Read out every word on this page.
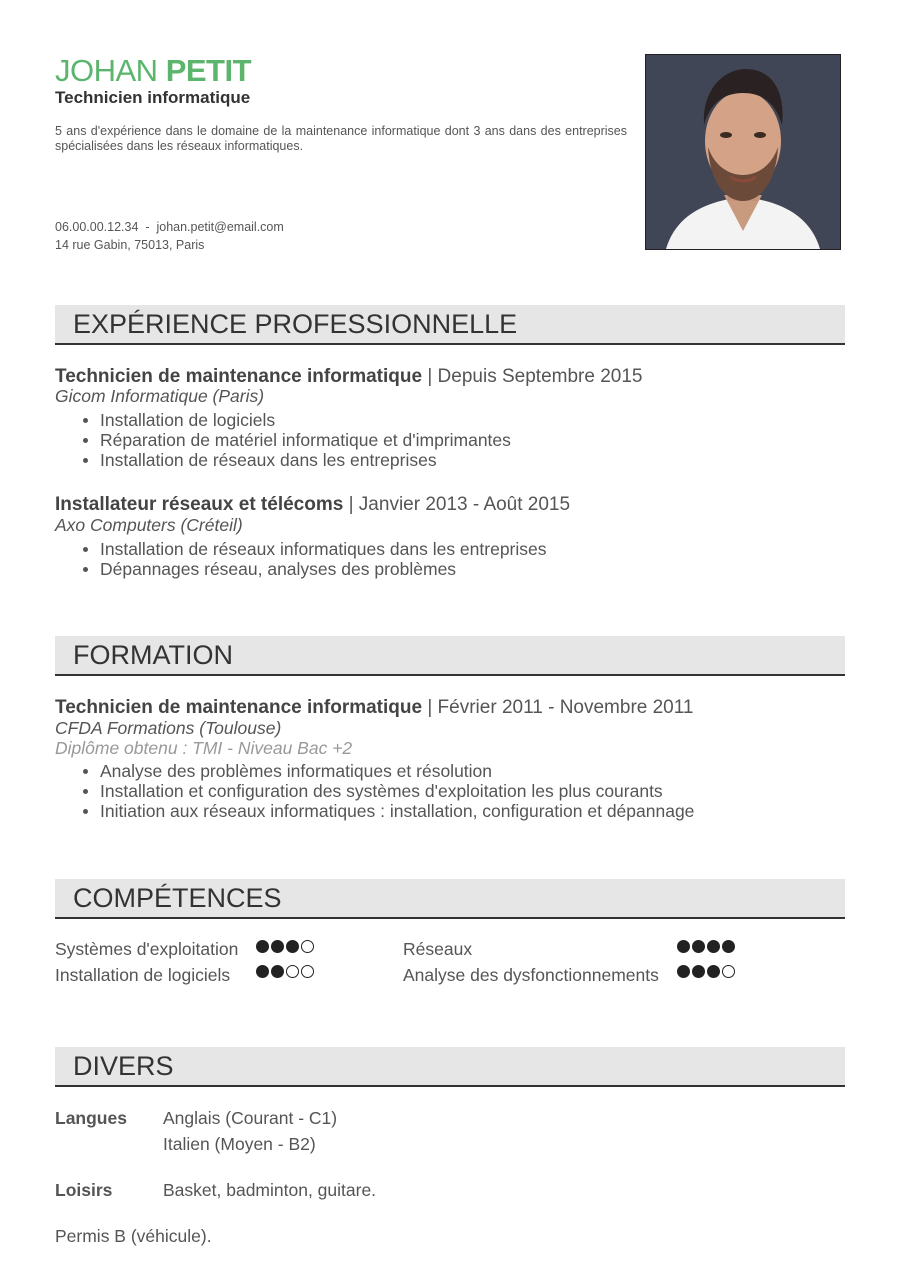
JOHAN PETIT
Technicien informatique
5 ans d'expérience dans le domaine de la maintenance informatique dont 3 ans dans des entreprises spécialisées dans les réseaux informatiques.
06.00.00.12.34  -  johan.petit@email.com
14 rue Gabin, 75013, Paris
EXPÉRIENCE PROFESSIONNELLE
Technicien de maintenance informatique | Depuis Septembre 2015
Gicom Informatique (Paris)
Installation de logiciels
Réparation de matériel informatique et d'imprimantes
Installation de réseaux dans les entreprises
Installateur réseaux et télécoms | Janvier 2013 - Août 2015
Axo Computers (Créteil)
Installation de réseaux informatiques dans les entreprises
Dépannages réseau, analyses des problèmes
FORMATION
Technicien de maintenance informatique | Février 2011 - Novembre 2011
CFDA Formations (Toulouse)
Diplôme obtenu : TMI - Niveau Bac +2
Analyse des problèmes informatiques et résolution
Installation et configuration des systèmes d'exploitation les plus courants
Initiation aux réseaux informatiques : installation, configuration et dépannage
COMPÉTENCES
Systèmes d'exploitation	Réseaux
Installation de logiciels	Analyse des dysfonctionnements
DIVERS
Langues Anglais (Courant - C1)
Italien (Moyen - B2)
Loisirs	Basket, badminton, guitare.
Permis B (véhicule).
